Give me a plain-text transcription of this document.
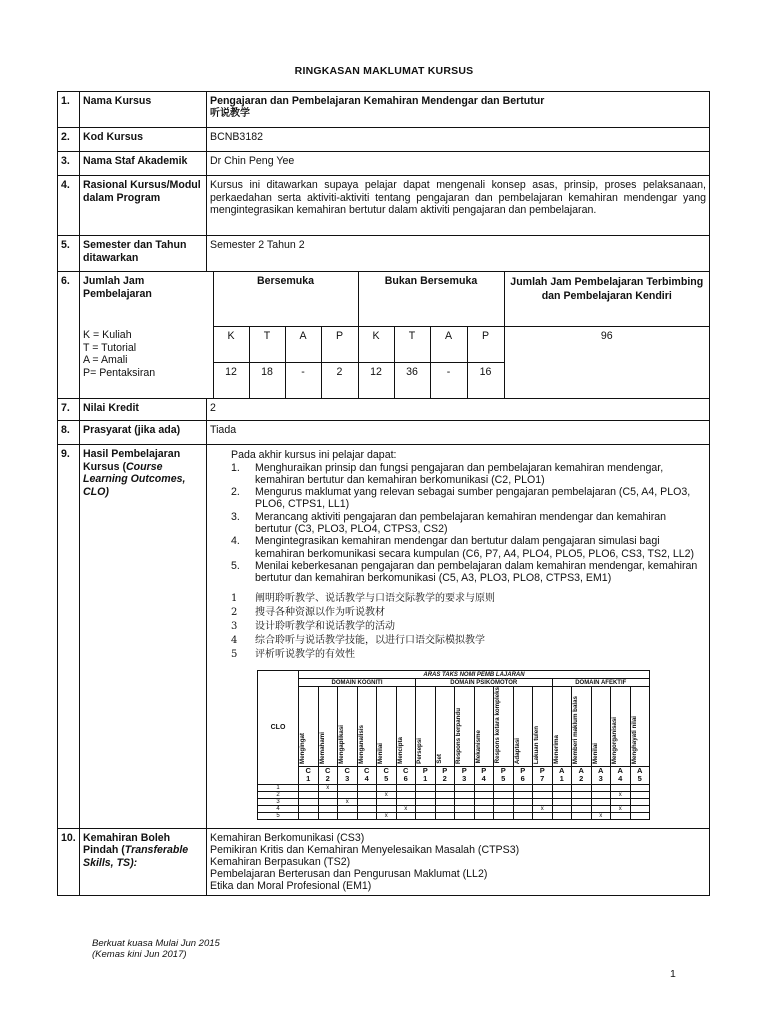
RINGKASAN MAKLUMAT KURSUS
1.	Nama Kursus	Pengajaran dan Pembelajaran Kemahiran Mendengar dan Bertutur
听说教学

2.	Kod Kursus	BCNB3182
3.	Nama Staf Akademik	Dr Chin Peng Yee
4.	Rasional Kursus/Modul dalam Program	Kursus ini ditawarkan supaya pelajar dapat mengenali konsep asas, prinsip, proses pelaksanaan, perkaedahan serta aktiviti-aktiviti tentang pengajaran dan pembelajaran kemahiran mendengar yang mengintegrasikan kemahiran bertutur dalam aktiviti pengajaran dan pembelajaran.
5.	Semester dan Tahun ditawarkan	Semester 2 Tahun 2
6.	Jumlah Jam Pembelajaran	Bersemuka	Bukan Bersemuka	Jumlah Jam Pembelajaran Terbimbing dan Pembelajaran Kendiri

K = Kuliah
T = Tutorial
A = Amali
P= Pentaksiran
	K	T	A	P	K	T	A	P	96
12	18	-	2	12	36	-	16

7.	Nilai Kredit	2
8.	Prasyarat (jika ada)	Tiada
9.	Hasil Pembelajaran Kursus (Course Learning Outcomes, CLO)	
Pada akhir kursus ini pelajar dapat:
1.	Menghuraikan prinsip dan fungsi pengajaran dan pembelajaran kemahiran mendengar, kemahiran bertutur dan kemahiran berkomunikasi (C2, PLO1)
2.	Mengurus maklumat yang relevan sebagai sumber pengajaran pembelajaran (C5, A4, PLO3, PLO6, CTPS1, LL1)
3.	Merancang aktiviti pengajaran dan pembelajaran kemahiran mendengar dan kemahiran bertutur (C3, PLO3, PLO4, CTPS3, CS2)
4.	Mengintegrasikan kemahiran mendengar dan bertutur dalam pengajaran simulasi bagi kemahiran berkomunikasi secara kumpulan (C6, P7, A4, PLO4, PLO5, PLO6, CS3, TS2, LL2)
5.	Menilai keberkesanan pengajaran dan pembelajaran dalam kemahiran mendengar, kemahiran bertutur dan kemahiran berkomunikasi (C5, A3, PLO3, PLO8, CTPS3, EM1)
1	阐明聆听教学、说话教学与口语交际教学的要求与原则
2	搜寻各种资源以作为听说教材
3	设计聆听教学和说话教学的活动
4	综合聆听与说话教学技能，以进行口语交际模拟教学
5	评析听说教学的有效性
CLO	ARAS TAKS NOMI PEMB LAJARAN
DOMAIN KOGNITI	DOMAIN PSIKOMOTOR	DOMAIN AFEKTIF

Mengingat	Memahami	Mengaplikasi	Menganalisis	Menilai	Mencipta	Persepsi	Set	Respons berpandu	Mekanisme	Respons ketara kompleks	Adaptasi	Lakuan tulen	Menerima	Memberi maklum balas	Menilai	Mengorganisasi	Menghayati nilai

C 1	C 2	C 3	C 4	C 5	C 6	P 1	P 2	P 3	P 4	P 5	P 6	P 7	A 1	A 2	A 3	A 4	A 5
1		x																
2					x												x	
3			x															
4						x							x				x	
5					x											x		

10.	Kemahiran Boleh Pindah (Transferable Skills, TS):	
Kemahiran Berkomunikasi (CS3)
Pemikiran Kritis dan Kemahiran Menyelesaikan Masalah (CTPS3)
Kemahiran Berpasukan (TS2)
Pembelajaran Berterusan dan Pengurusan Maklumat (LL2)
Etika dan Moral Profesional (EM1)
Berkuat kuasa Mulai Jun 2015
(Kemas kini Jun 2017)
1
